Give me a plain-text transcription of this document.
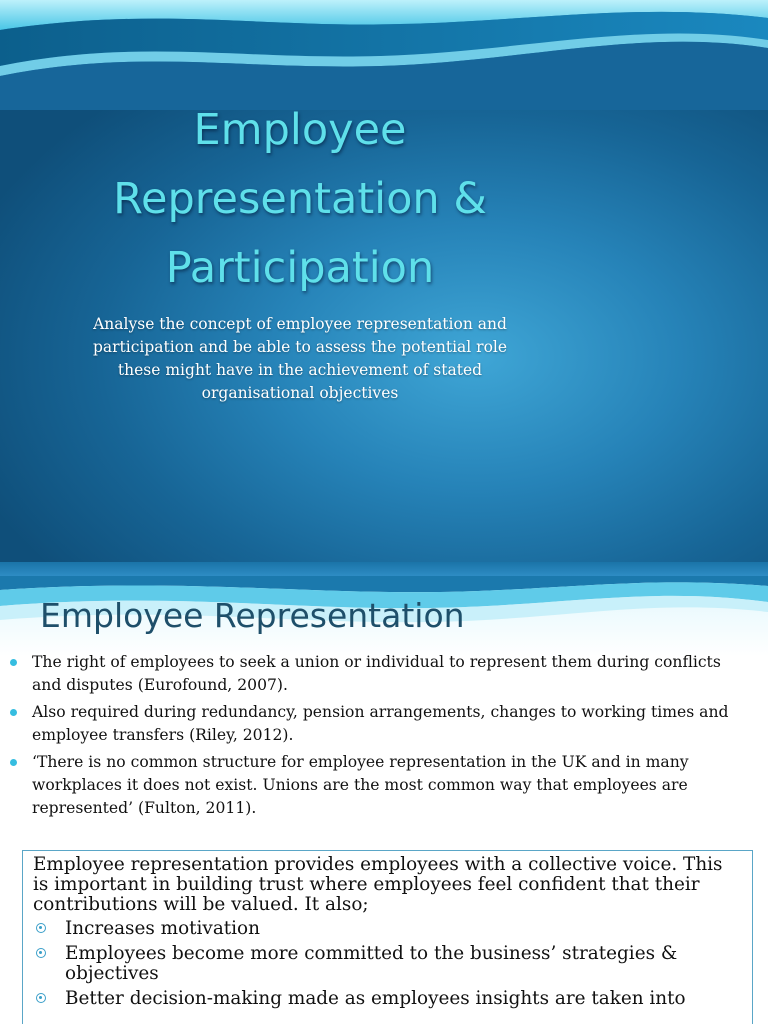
Employee
Representation &
Participation
Analyse the concept of employee representation and participation and be able to assess the potential role these might have in the achievement of stated organisational objectives
Employee Representation
The right of employees to seek a union or individual to represent them during conflicts and disputes (Eurofound, 2007).
Also required during redundancy, pension arrangements, changes to working times and employee transfers (Riley, 2012).
‘There is no common structure for employee representation in the UK and in many workplaces it does not exist. Unions are the most common way that employees are represented’ (Fulton, 2011).
Employee representation provides employees with a collective voice. This is important in building trust where employees feel confident that their contributions will be valued. It also;
Increases motivation
Employees become more committed to the business’ strategies & objectives
Better decision-making made as employees insights are taken into
